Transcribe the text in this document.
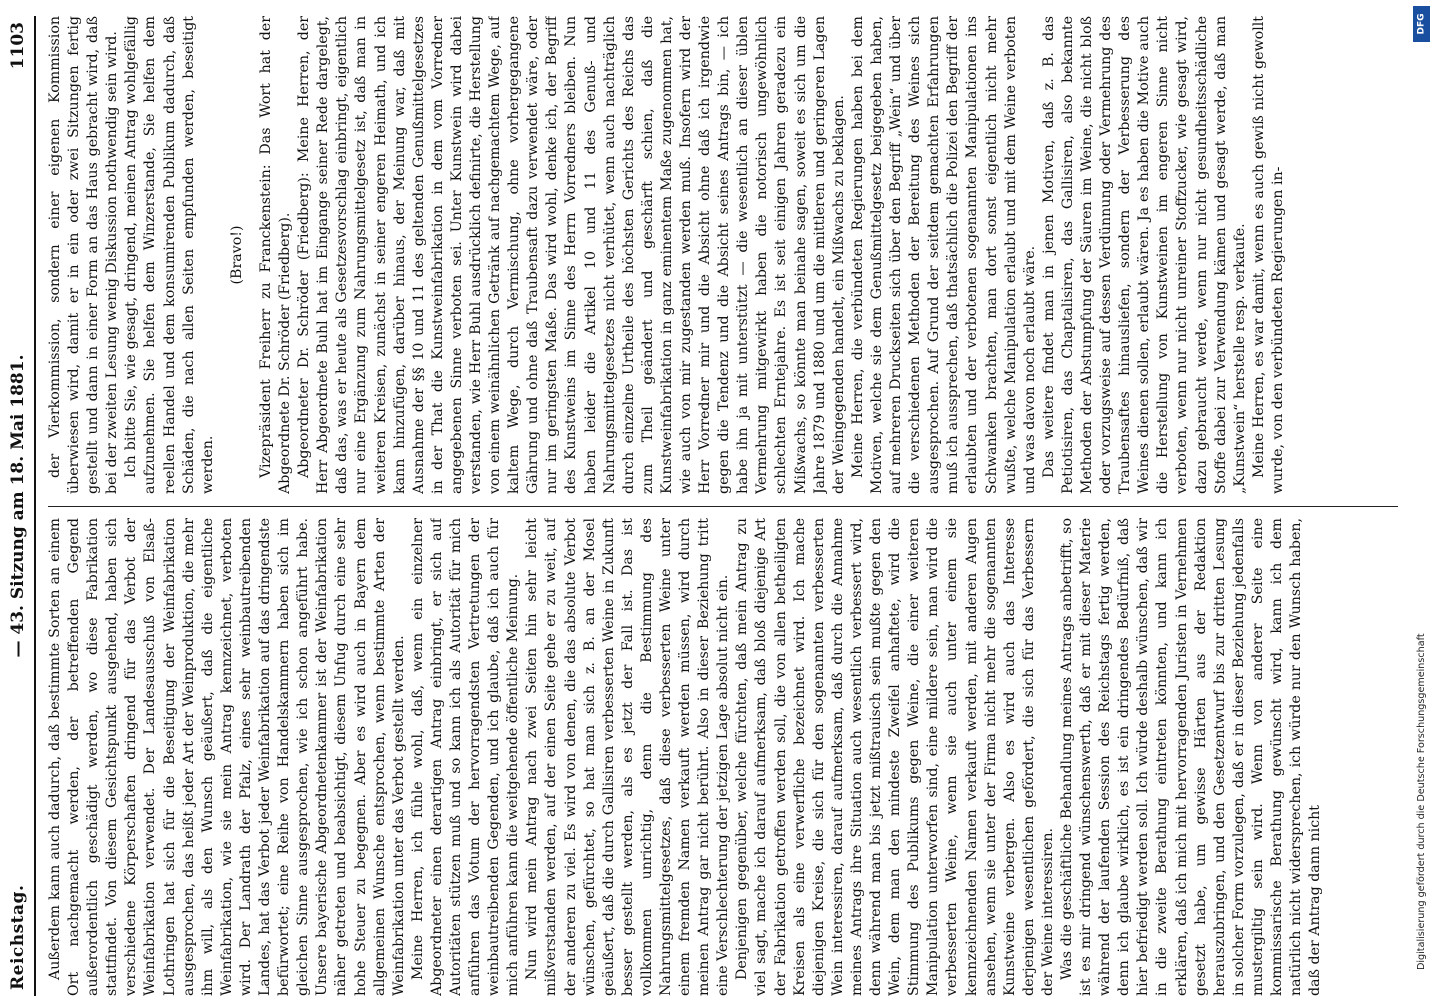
Reichstag.
— 43. Sitzung am 18. Mai 1881.
1103

Außerdem kann auch dadurch, daß bestimmte Sorten an einem Ort nachgemacht werden, der betreffenden Gegend außerordentlich geschädigt werden, wo diese Fabrikation stattfindet. Von diesem Gesichtspunkt ausgehend, haben sich verschiedene Körperschaften dringend für das Verbot der Weinfabrikation verwendet. Der Landesausschuß von Elsaß-Lothringen hat sich für die Beseitigung der Weinfabrikation ausgesprochen, das heißt jeder Art der Weinproduktion, die mehr ihm will, als den Wunsch geäußert, daß die eigentliche Weinfabrikation, wie sie mein Antrag kennzeichnet, verboten wird. Der Landrath der Pfalz, eines sehr weinbautreibenden Landes, hat das Verbot jeder Weinfabrikation auf das dringendste befürwortet; eine Reihe von Handelskammern haben sich im gleichen Sinne ausgesprochen, wie ich schon angeführt habe. Unsere bayerische Abgeordnetenkammer ist der Weinfabrikation näher getreten und beabsichtigt, diesem Unfug durch eine sehr hohe Steuer zu begegnen. Aber es wird auch in Bayern dem allgemeinen Wunsche entsprochen, wenn bestimmte Arten der Weinfabrikation unter das Verbot gestellt werden. Meine Herren, ich fühle wohl, daß, wenn ein einzelner Abgeordneter einen derartigen Antrag einbringt, er sich auf Autoritäten stützen muß und so kann ich als Autorität für mich anführen das Votum der hervorragendsten Vertretungen der weinbautreibenden Gegenden, und ich glaube, daß ich auch für mich anführen kann die weitgehende öffentliche Meinung. Nun wird mein Antrag nach zwei Seiten hin sehr leicht mißverstanden werden, auf der einen Seite gehe er zu weit, auf der anderen zu viel. Es wird von denen, die das absolute Verbot wünschen, gefürchtet, so hat man sich z. B. an der Mosel geäußert, daß die durch Gallisiren verbesserten Weine in Zukunft besser gestellt werden, als es jetzt der Fall ist. Das ist vollkommen unrichtig, denn die Bestimmung des Nahrungsmittelgesetzes, daß diese verbesserten Weine unter einem fremden Namen verkauft werden müssen, wird durch meinen Antrag gar nicht berührt. Also in dieser Beziehung tritt eine Verschlechterung der jetzigen Lage absolut nicht ein. Denjenigen gegenüber, welche fürchten, daß mein Antrag zu viel sagt, mache ich darauf aufmerksam, daß bloß diejenige Art der Fabrikation getroffen werden soll, die von allen betheiligten Kreisen als eine verwerfliche bezeichnet wird. Ich mache diejenigen Kreise, die sich für den sogenannten verbesserten Wein interessiren, darauf aufmerksam, daß durch die Annahme meines Antrags ihre Situation auch wesentlich verbessert wird, denn während man bis jetzt mißtrauisch sein mußte gegen den Wein, dem man den mindeste Zweifel anhaftete, wird die Stimmung des Publikums gegen Weine, die einer weiteren Manipulation unterworfen sind, eine mildere sein, man wird die verbesserten Weine, wenn sie auch unter einem sie kennzeichnenden Namen verkauft werden, mit anderen Augen ansehen, wenn sie unter der Firma nicht mehr die sogenannten Kunstweine verbergen. Also es wird auch das Interesse derjenigen wesentlichen gefördert, die sich für das Verbessern der Weine interessiren. Was die geschäftliche Behandlung meines Antrags anbetrifft, so ist es mir dringend wünschenswerth, daß er mit dieser Materie während der laufenden Session des Reichstags fertig werden, denn ich glaube wirklich, es ist ein dringendes Bedürfniß, daß hier befriedigt werden soll. Ich würde deshalb wünschen, daß wir in die zweite Berathung eintreten könnten, und kann ich erklären, daß ich mich mit hervorragenden Juristen in Vernehmen gesetzt habe, um gewisse Härten aus der Redaktion herauszubringen, und den Gesetzentwurf bis zur dritten Lesung in solcher Form vorzulegen, daß er in dieser Beziehung jedenfalls mustergiltig sein wird. Wenn von anderer Seite eine kommissarische Berathung gewünscht wird, kann ich dem natürlich nicht widersprechen, ich würde nur den Wunsch haben, daß der Antrag dann nicht

der Vierkommission, sondern einer eigenen Kommission überwiesen wird, damit er in ein oder zwei Sitzungen fertig gestellt und dann in einer Form an das Haus gebracht wird, daß bei der zweiten Lesung wenig Diskussion nothwendig sein wird. Ich bitte Sie, wie gesagt, dringend, meinen Antrag wohlgefällig aufzunehmen. Sie helfen dem Winzerstande, Sie helfen dem reellen Handel und dem konsumirenden Publikum dadurch, daß Schäden, die nach allen Seiten empfunden werden, beseitigt werden.

(Bravo!) Vizepräsident Freiherr zu Franckenstein: Das Wort hat der Abgeordnete Dr. Schröder (Friedberg). Abgeordneter Dr. Schröder (Friedberg): Meine Herren, der Herr Abgeordnete Buhl hat im Eingange seiner Rede dargelegt, daß das, was er heute als Gesetzesvorschlag einbringt, eigentlich nur eine Ergänzung zum Nahrungsmittelgesetz ist, daß man in weiteren Kreisen, zunächst in seiner engeren Heimath, und ich kann hinzufügen, darüber hinaus, der Meinung war, daß mit Ausnahme der §§ 10 und 11 des geltenden Genußmittelgesetzes in der That die Kunstweinfabrikation in dem vom Vorredner angegebenen Sinne verboten sei. Unter Kunstwein wird dabei verstanden, wie Herr Buhl ausdrücklich definirte, die Herstellung von einem weinähnlichen Getränk auf nachgemachtem Wege, auf kaltem Wege, durch Vermischung, ohne vorhergegangene Gährung und ohne daß Traubensaft dazu verwendet wäre, oder nur im geringsten Maße. Das wird wohl, denke ich, der Begriff des Kunstweins im Sinne des Herrn Vorredners bleiben. Nun haben leider die Artikel 10 und 11 des Genuß- und Nahrungsmittelgesetzes nicht verhütet, wenn auch nachträglich durch einzelne Urtheile des höchsten Gerichts des Reichs das zum Theil geändert und geschärft schien, daß die Kunstweinfabrikation in ganz eminentem Maße zugenommen hat, wie auch von mir zugestanden werden muß. Insofern wird der Herr Vorredner mir und die Absicht ohne daß ich irgendwie gegen die Tendenz und die Absicht seines Antrags bin, — ich habe ihn ja mit unterstützt — die wesentlich an dieser üblen Vermehrung mitgewirkt haben die notorisch ungewöhnlich schlechten Erntejahre. Es ist seit einigen Jahren geradezu ein Mißwachs, so könnte man beinahe sagen, soweit es sich um die Jahre 1879 und 1880 und um die mittleren und geringeren Lagen der Weingegenden handelt, ein Mißwachs zu beklagen. Meine Herren, die verbündeten Regierungen haben bei dem Motiven, welche sie dem Genußmittelgesetz beigegeben haben, auf mehreren Druckseiten sich über den Begriff „Wein“ und über die verschiedenen Methoden der Bereitung des Weines sich ausgesprochen. Auf Grund der seitdem gemachten Erfahrungen muß ich aussprechen, daß thatsächlich die Polizei den Begriff der erlaubten und der verbotenen sogenannten Manipulationen ins Schwanken brachten, man dort sonst eigentlich nicht mehr wußte, welche Manipulation erlaubt und mit dem Weine verboten und was davon noch erlaubt wäre. Das weitere findet man in jenen Motiven, daß z. B. das Petiotisiren, das Chaptalisiren, das Gallisiren, also bekannte Methoden der Abstumpfung der Säuren im Weine, die nicht bloß oder vorzugsweise auf dessen Verdünnung oder Vermehrung des Traubensaftes hinausliefen, sondern der Verbesserung des Weines dienen sollen, erlaubt wären. Ja es haben die Motive auch die Herstellung von Kunstweinen im engeren Sinne nicht verboten, wenn nur nicht unreiner Stoffzucker, wie gesagt wird, dazu gebraucht werde, wenn nur nicht gesundheitsschädliche Stoffe dabei zur Verwendung kämen und gesagt werde, daß man „Kunstwein“ herstelle resp. verkaufe. Meine Herren, es war damit, wenn es auch gewiß nicht gewollt wurde, von den verbündeten Regierungen in-

DFG
Digitalisierung gefördert durch die Deutsche Forschungsgemeinschaft
